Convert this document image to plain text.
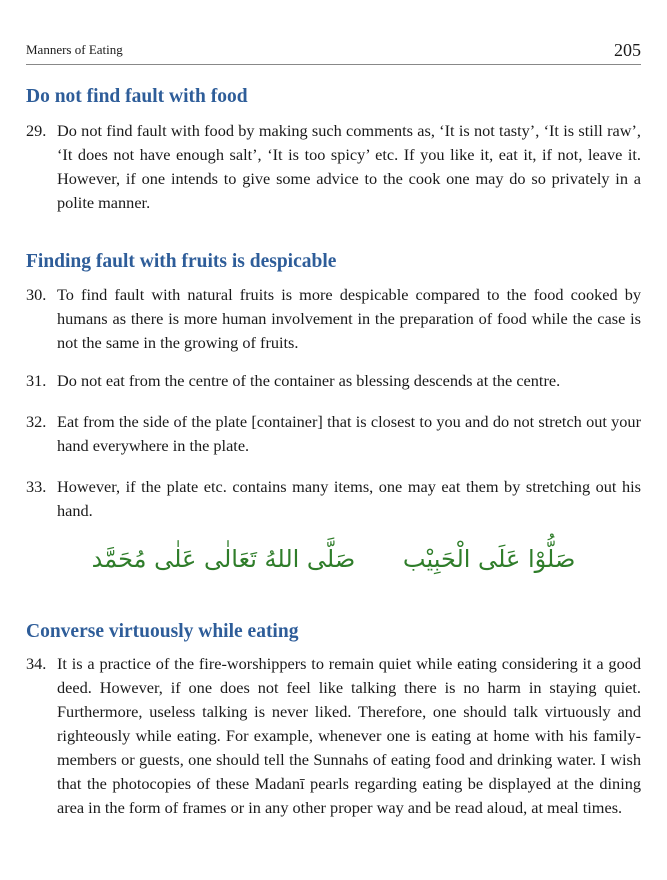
Manners of Eating	205
Do not find fault with food
29. Do not find fault with food by making such comments as, ‘It is not tasty’, ‘It is still raw’, ‘It does not have enough salt’, ‘It is too spicy’ etc. If you like it, eat it, if not, leave it. However, if one intends to give some advice to the cook one may do so privately in a polite manner.
Finding fault with fruits is despicable
30. To find fault with natural fruits is more despicable compared to the food cooked by humans as there is more human involvement in the preparation of food while the case is not the same in the growing of fruits.
31. Do not eat from the centre of the container as blessing descends at the centre.
32. Eat from the side of the plate [container] that is closest to you and do not stretch out your hand everywhere in the plate.
33. However, if the plate etc. contains many items, one may eat them by stretching out his hand.
صَلُّوْا عَلَی الْحَبِیْب صَلَّی اللهُ تَعَالٰی عَلٰی مُحَمَّد
Converse virtuously while eating
34. It is a practice of the fire-worshippers to remain quiet while eating considering it a good deed. However, if one does not feel like talking there is no harm in staying quiet. Furthermore, useless talking is never liked. Therefore, one should talk virtuously and righteously while eating. For example, whenever one is eating at home with his family-members or guests, one should tell the Sunnahs of eating food and drinking water. I wish that the photocopies of these Madanī pearls regarding eating be displayed at the dining area in the form of frames or in any other proper way and be read aloud, at meal times.
